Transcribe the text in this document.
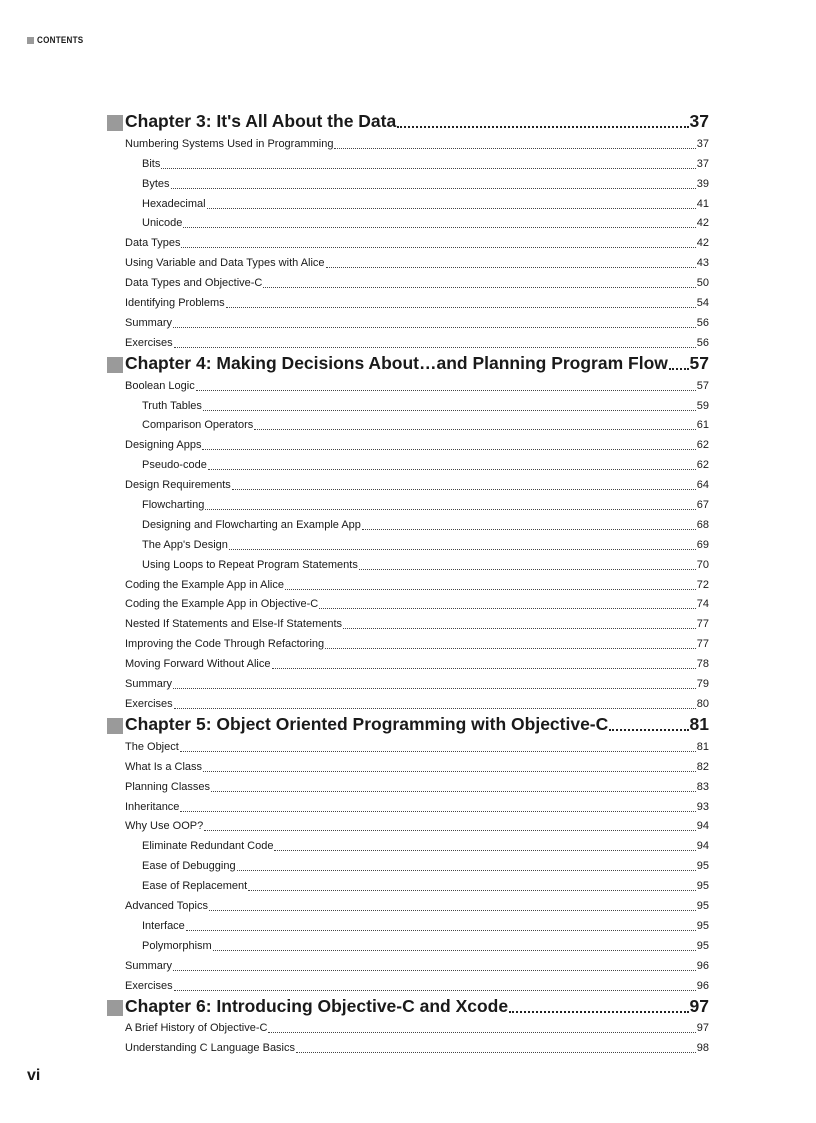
CONTENTS
Chapter 3: It's All About the Data	37
Numbering Systems Used in Programming	37
Bits	37
Bytes	39
Hexadecimal	41
Unicode	42
Data Types	42
Using Variable and Data Types with Alice	43
Data Types and Objective-C	50
Identifying Problems	54
Summary	56
Exercises	56
Chapter 4: Making Decisions About…and Planning Program Flow 57
Boolean Logic	57
Truth Tables	59
Comparison Operators	61
Designing Apps	62
Pseudo-code	62
Design Requirements	64
Flowcharting	67
Designing and Flowcharting an Example App	68
The App's Design	69
Using Loops to Repeat Program Statements	70
Coding the Example App in Alice	72
Coding the Example App in Objective-C	74
Nested If Statements and Else-If Statements	77
Improving the Code Through Refactoring	77
Moving Forward Without Alice	78
Summary	79
Exercises	80
Chapter 5: Object Oriented Programming with Objective-C	81
The Object	81
What Is a Class	82
Planning Classes	83
Inheritance	93
Why Use OOP?	94
Eliminate Redundant Code	94
Ease of Debugging	95
Ease of Replacement	95
Advanced Topics	95
Interface	95
Polymorphism	95
Summary	96
Exercises	96
Chapter 6: Introducing Objective-C and Xcode	97
A Brief History of Objective-C	97
Understanding C Language Basics	98
vi
